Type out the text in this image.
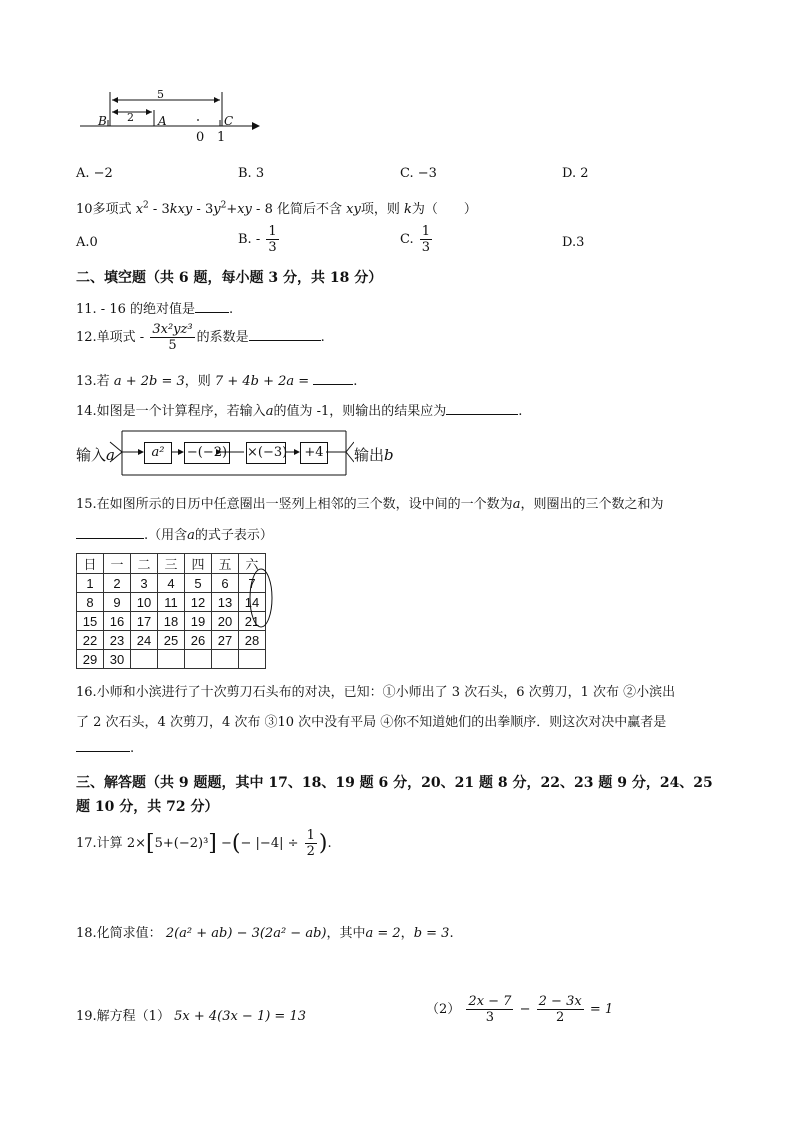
5
2
B	A	C
0 1
A. −2	B. 3	C. −3	D. 2
10多项式 $x^2 - 3kxy - 3y^2+xy - 8$ 化简后不含 xy项，则 k为（　　）
A.0	B. - $\frac{1}{3}$	C. $\frac{1}{3}$	D.3
二、填空题（共 6 题，每小题 3 分，共 18 分）
11. - 16 的绝对值是	.
12.单项式 - $\frac{\text{3x²yz³}}{5}$ 的系数是	.
13.若 a + 2b = 3，则 7 + 4b + 2a =	.
14.如图是一个计算程序，若输入a的值为 -1，则输出的结果应为	.
输入a	a²	−(−2) ×(−3)	+4 输出b
15.在如图所示的日历中任意圈出一竖列上相邻的三个数，设中间的一个数为a，则圈出的三个数之和为
.（用含a的式子表示）
日	一	二	三	四	五	六
1	2	3	4	5	6	7
8	9	10	11	12	13	14
15	16	17	18	19	20	21
22	23	24	25	26	27	28
29	30					
16.小师和小滨进行了十次剪刀石头布的对决，已知：①小师出了 3 次石头，6 次剪刀，1 次布 ②小滨出
了 2 次石头，4 次剪刀，4 次布 ③10 次中没有平局 ④你不知道她们的出拳顺序．则这次对决中赢者是
.
三、解答题（共 9 题题，其中 17、18、19 题 6 分，20、21 题 8 分，22、23 题 9 分，24、25
题 10 分，共 72 分）
17.计算 2×[5+(−2)³] −(− $|-4| \div \frac{1}{2}$ ).
18.化简求值： 2(a² + ab) − 3(2a² − ab)，其中a = 2，b = 3.
19.解方程（1） 5x + 4(3x − 1) = 13	$(2) \frac{2x - 7}{3} - \frac{2 - 3x}{2} = 1$
